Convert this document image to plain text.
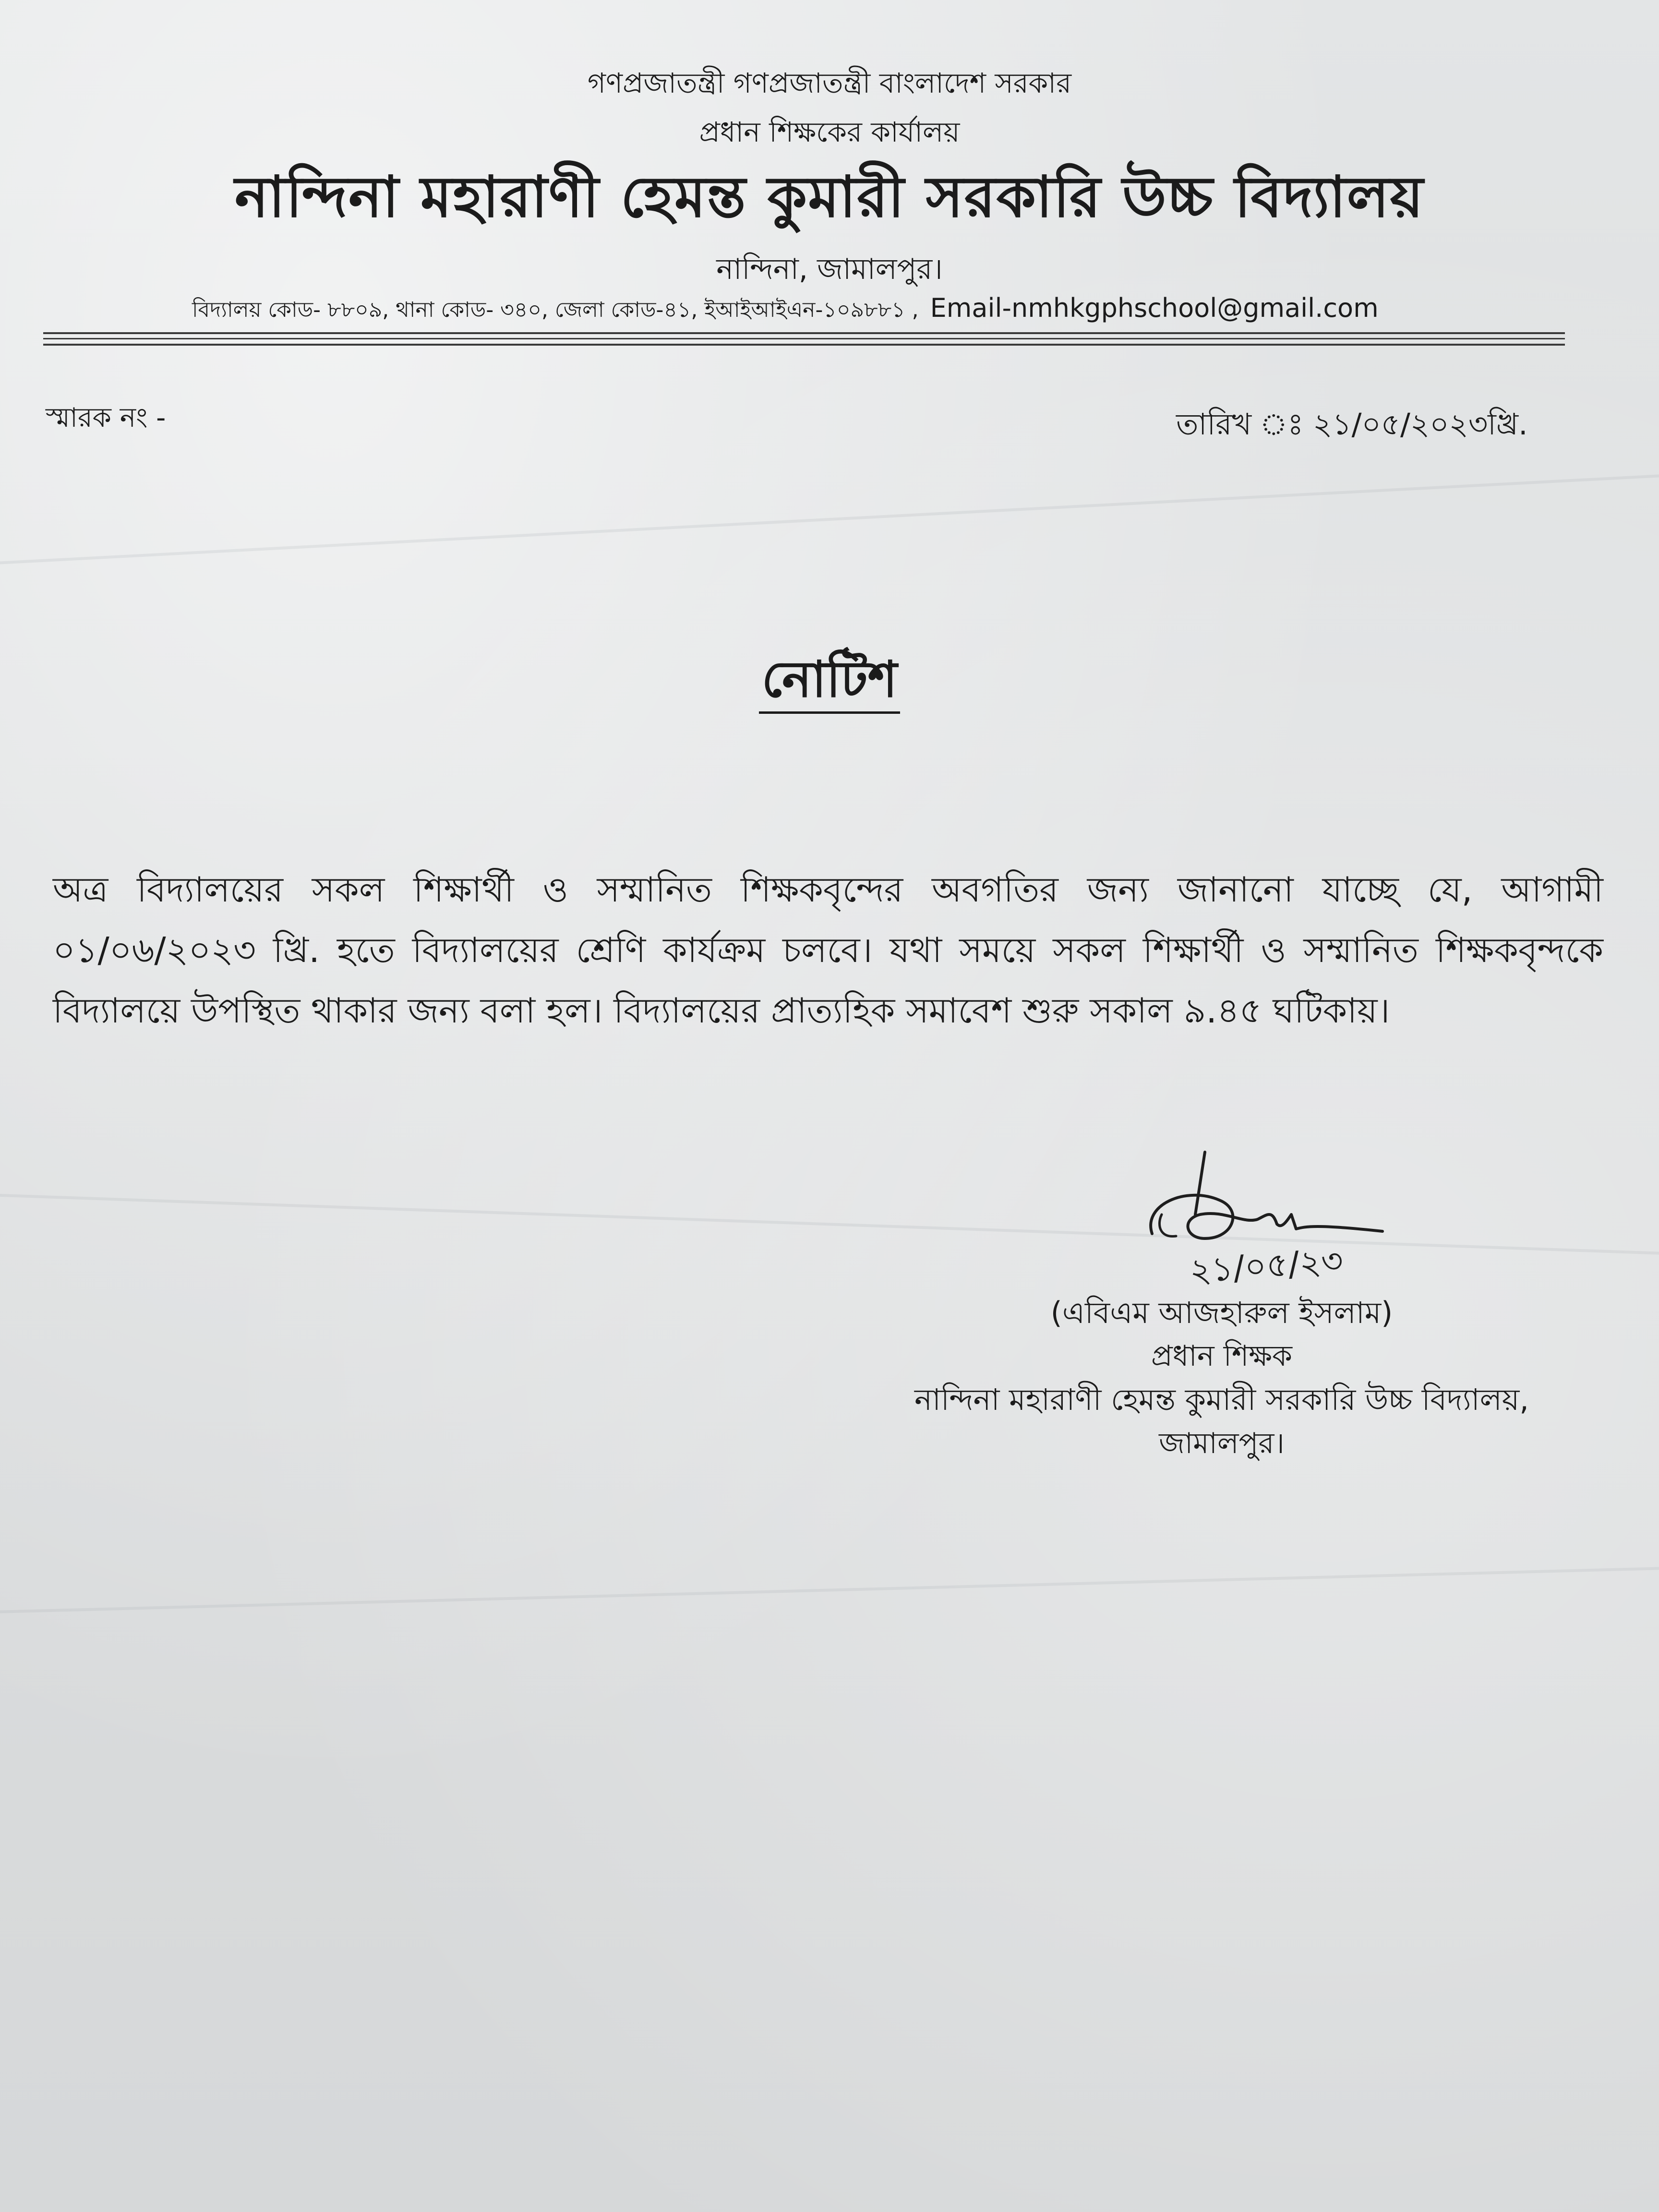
গণপ্রজাতন্ত্রী গণপ্রজাতন্ত্রী বাংলাদেশ সরকার
প্রধান শিক্ষকের কার্যালয়
নান্দিনা মহারাণী হেমন্ত কুমারী সরকারি উচ্চ বিদ্যালয়
নান্দিনা, জামালপুর।
বিদ্যালয় কোড- ৮৮০৯, থানা কোড- ৩৪০, জেলা কোড-৪১, ইআইআইএন-১০৯৮৮১ , Email-nmhkgphschool@gmail.com
স্মারক নং -	তারিখ ঃ ২১/০৫/২০২৩খ্রি.
নোটিশ
অত্র বিদ্যালয়ের সকল শিক্ষার্থী ও সম্মানিত শিক্ষকবৃন্দের অবগতির জন্য জানানো যাচ্ছে যে, আগামী ০১/০৬/২০২৩ খ্রি. হতে বিদ্যালয়ের শ্রেণি কার্যক্রম চলবে। যথা সময়ে সকল শিক্ষার্থী ও সম্মানিত শিক্ষকবৃন্দকে বিদ্যালয়ে উপস্থিত থাকার জন্য বলা হল। বিদ্যালয়ের প্রাত্যহিক সমাবেশ শুরু সকাল ৯.৪৫ ঘটিকায়।
২১/০৫/২৩
(এবিএম আজহারুল ইসলাম)
প্রধান শিক্ষক
নান্দিনা মহারাণী হেমন্ত কুমারী সরকারি উচ্চ বিদ্যালয়,
জামালপুর।
